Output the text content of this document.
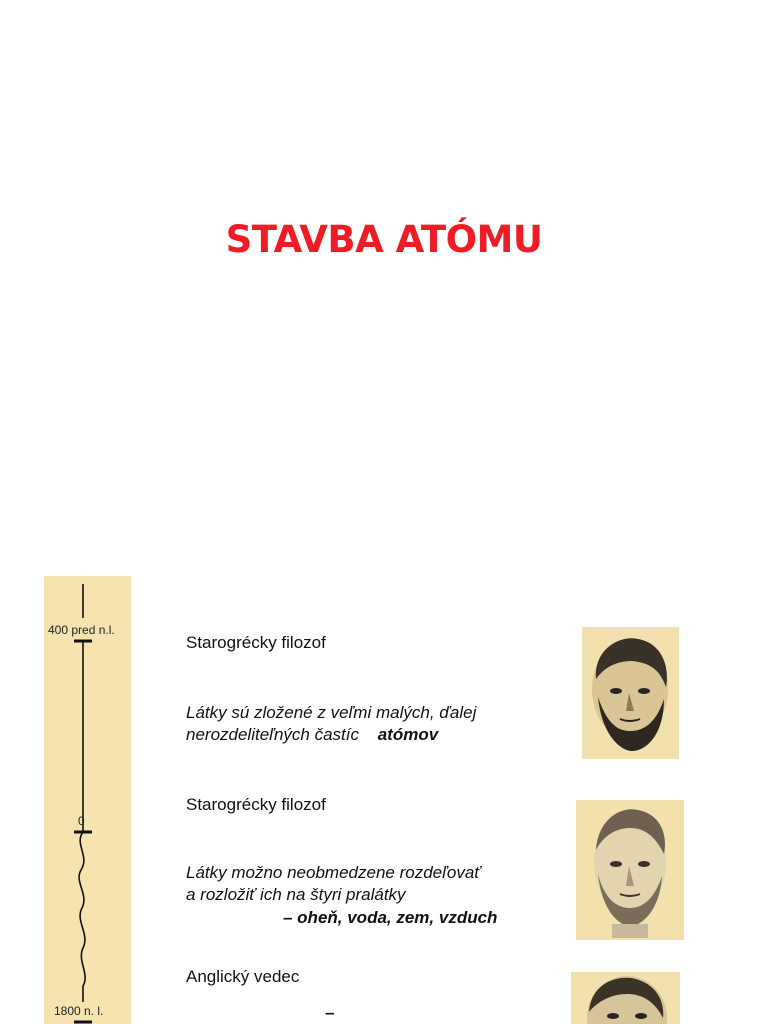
STAVBA ATÓMU
400 pred n.l.
0
1800 n. l.
Starogrécky filozof
Látky sú zložené z veľmi malých, ďalej
nerozdeliteľných častíc atómov
Starogrécky filozof
Látky možno neobmedzene rozdeľovať
a rozložiť ich na štyri pralátky
– oheň, voda, zem, vzduch
Anglický vedec
–
